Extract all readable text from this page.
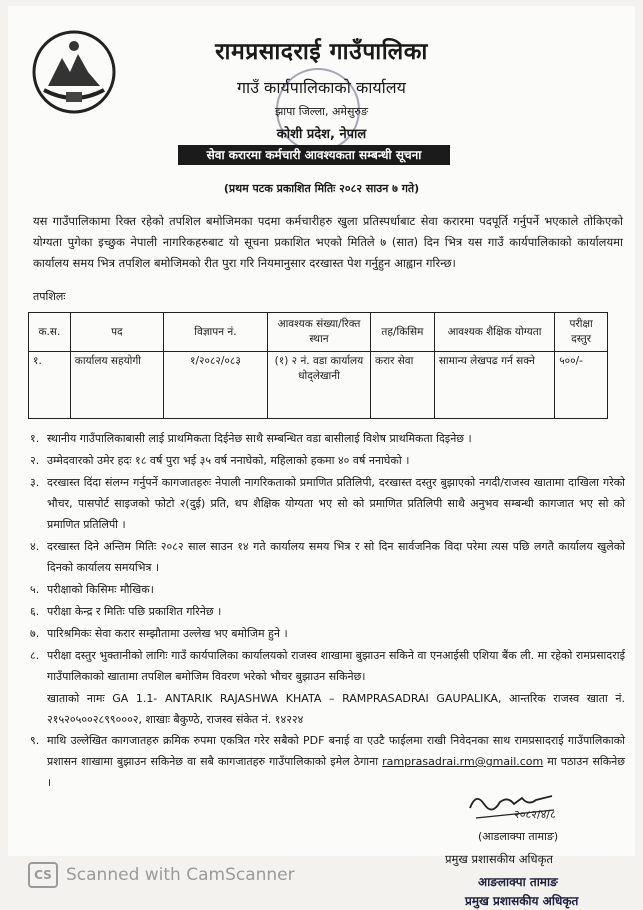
रामप्रसादराई गाउँपालिका
गाउँ कार्यपालिकाको कार्यालय
झापा जिल्ला, अमेसुरुङ
कोशी प्रदेश, नेपाल
सेवा करारमा कर्मचारी आवश्यकता सम्बन्धी सूचना
(प्रथम पटक प्रकाशित मितिः २०८२ साउन ७ गते)
यस गाउँपालिकामा रिक्त रहेको तपशिल बमोजिमका पदमा कर्मचारीहरु खुला प्रतिस्पर्धाबाट सेवा करारमा पदपूर्ति गर्नुपर्ने भएकाले तोकिएको योग्यता पुगेका इच्छुक नेपाली नागरिकहरुबाट यो सूचना प्रकाशित भएको मितिले ७ (सात) दिन भित्र यस गाउँ कार्यपालिकाको कार्यालयमा कार्यालय समय भित्र तपशिल बमोजिमको रीत पुरा गरि नियमानुसार दरखास्त पेश गर्नुहुन आह्वान गरिन्छ।
तपशिलः
क.स.	पद	विज्ञापन नं.	आवश्यक संख्या/रिक्त स्थान	तह/किसिम	आवश्यक शैक्षिक योग्यता	परीक्षा दस्तुर
१.	कार्यालय सहयोगी	१/२०८२/०८३	(१) २ नं. वडा कार्यालय धोद्लेखानी	करार सेवा	सामान्य लेखपढ गर्न सक्ने	५००/-
१. स्थानीय गाउँपालिकाबासी लाई प्राथमिकता दिईनेछ साथै सम्बन्धित वडा बासीलाई विशेष प्राथमिकता दिइनेछ ।
२. उम्मेदवारको उमेर हदः १८ वर्ष पुरा भई ३५ वर्ष ननाघेको, महिलाको हकमा ४० वर्ष ननाघेको ।
३. दरखास्त दिंदा संलग्न गर्नुपर्ने कागजातहरुः नेपाली नागरिकताको प्रमाणित प्रतिलिपी, दरखास्त दस्तुर बुझाएको नगदी/राजस्व खातामा दाखिला गरेको भौचर, पासपोर्ट साइजको फोटो २(दुई) प्रति, थप शैक्षिक योग्यता भए सो को प्रमाणित प्रतिलिपी साथै अनुभव सम्बन्धी कागजात भए सो को प्रमाणित प्रतिलिपी ।
४. दरखास्त दिने अन्तिम मितिः २०८२ साल साउन १४ गते कार्यालय समय भित्र र सो दिन सार्वजनिक विदा परेमा त्यस पछि लगतै कार्यालय खुलेको दिनको कार्यालय समयभित्र ।
५. परीक्षाको किसिमः मौखिक।
६. परीक्षा केन्द्र र मितिः पछि प्रकाशित गरिनेछ ।
७. पारिश्रमिकः सेवा करार सम्झौतामा उल्लेख भए बमोजिम हुने ।
८. परीक्षा दस्तुर भुक्तानीको लागिः गाउँ कार्यपालिका कार्यालयको राजस्व शाखामा बुझाउन सकिने वा एनआईसी एशिया बैंक ली. मा रहेको रामप्रसादराई गाउँपालिकाको खातामा तपशिल बमोजिम विवरण भरेको भौचर बुझाउन सकिनेछ।
खाताको नामः GA 1.1- ANTARIK RAJASHWA KHATA – RAMPRASADRAI GAUPALIKA, आन्तरिक राजस्व खाता नं. २१५२०५००२८९९०००२, शाखाः बैकुण्ठे, राजस्व संकेत नं. १४२२४
९. माथि उल्लेखित कागजातहरु क्रमिक रुपमा एकत्रित गरेर सबैको PDF बनाई वा एउटै फाईलमा राखी निवेदनका साथ रामप्रसादराई गाउँपालिकाको प्रशासन शाखामा बुझाउन सकिनेछ वा सबै कागजातहरु गाउँपालिकाको इमेल ठेगाना ramprasadrai.rm@gmail.com मा पठाउन सकिनेछ ।
२०८२/४/८
(आडलाक्पा तामाङ)
प्रमुख प्रशासकीय अधिकृत
आङलाक्पा तामाङ
प्रमुख प्रशासकीय अधिकृत
CS Scanned with CamScanner
